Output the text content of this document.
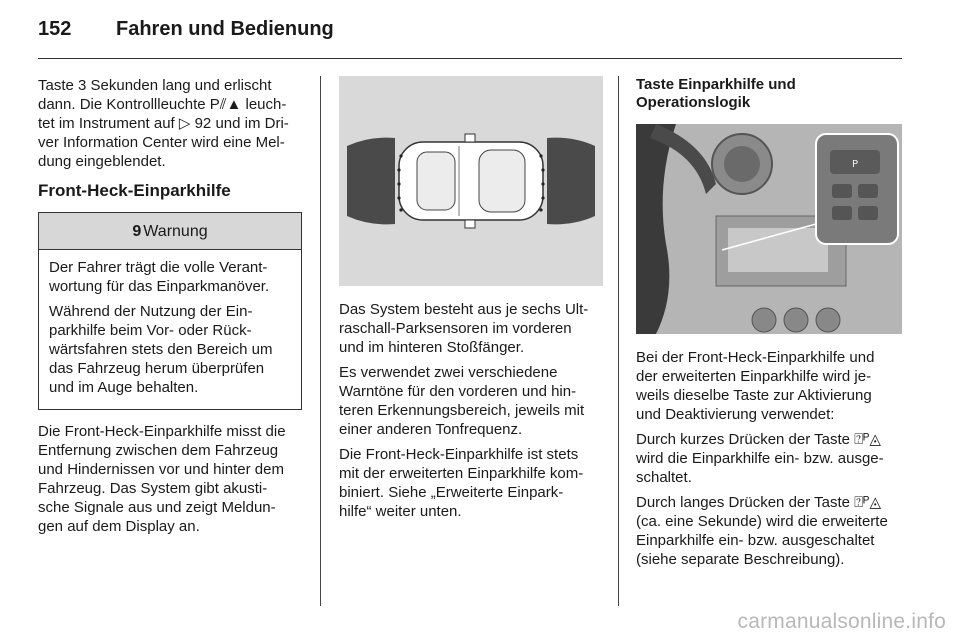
152	Fahren und Bedienung

Taste 3 Sekunden lang und erlischt
dann. Die Kontrollleuchte P⫽▲ leuch-
tet im Instrument auf ▷ 92 und im Dri-
ver Information Center wird eine Mel-
dung eingeblendet.

Front-Heck-Einparkhilfe

9 Warnung

Der Fahrer trägt die volle Verant-
wortung für das Einparkmanöver.

Während der Nutzung der Ein-
parkhilfe beim Vor- oder Rück-
wärtsfahren stets den Bereich um
das Fahrzeug herum überprüfen
und im Auge behalten.

Die Front-Heck-Einparkhilfe misst die
Entfernung zwischen dem Fahrzeug
und Hindernissen vor und hinter dem
Fahrzeug. Das System gibt akusti-
sche Signale aus und zeigt Meldun-
gen auf dem Display an.

Das System besteht aus je sechs Ult-
raschall-Parksensoren im vorderen
und im hinteren Stoßfänger.

Es verwendet zwei verschiedene
Warntöne für den vorderen und hin-
teren Erkennungsbereich, jeweils mit
einer anderen Tonfrequenz.

Die Front-Heck-Einparkhilfe ist stets
mit der erweiterten Einparkhilfe kom-
biniert. Siehe „Erweiterte Einpark-
hilfe“ weiter unten.

Taste Einparkhilfe und
Operationslogik

P

Bei der Front-Heck-Einparkhilfe und
der erweiterten Einparkhilfe wird je-
weils dieselbe Taste zur Aktivierung
und Deaktivierung verwendet:

Durch kurzes Drücken der Taste ⍰ᴾ◬
wird die Einparkhilfe ein- bzw. ausge-
schaltet.

Durch langes Drücken der Taste ⍰ᴾ◬
(ca. eine Sekunde) wird die erweiterte
Einparkhilfe ein- bzw. ausgeschaltet
(siehe separate Beschreibung).

carmanualsonline.info
